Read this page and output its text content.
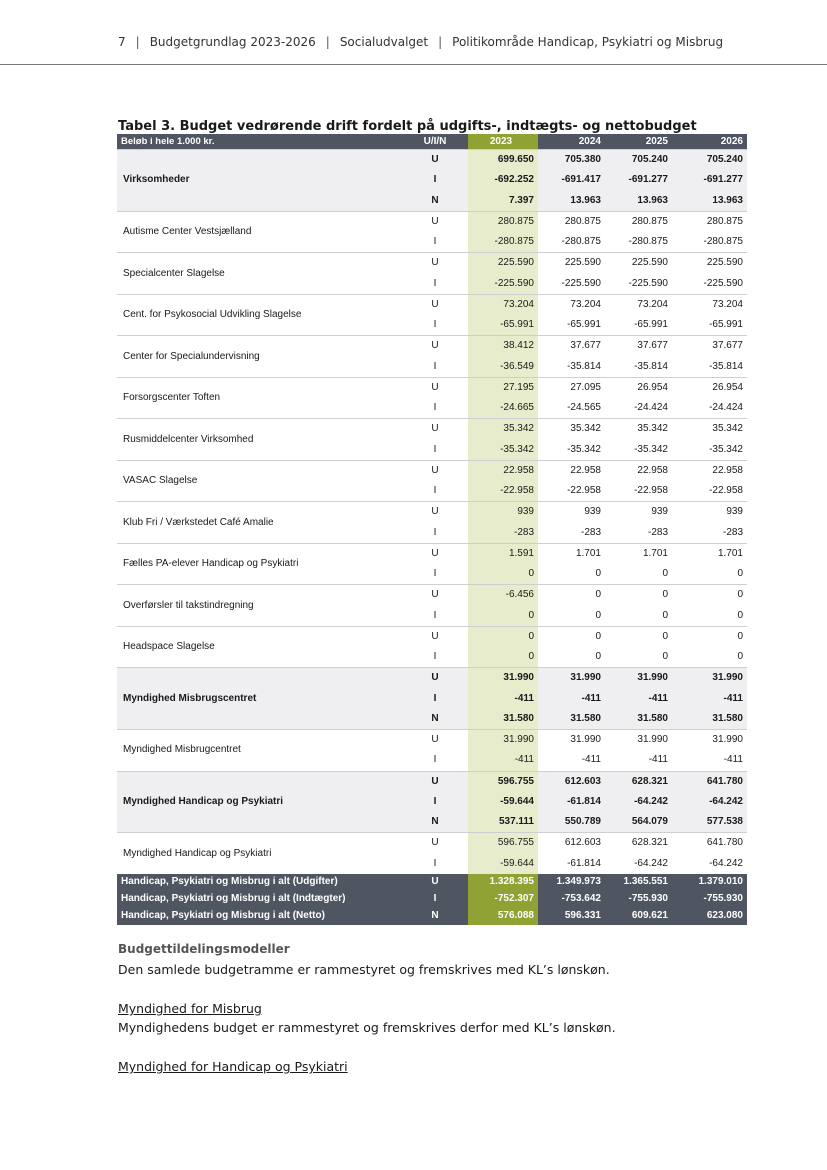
7 | Budgetgrundlag 2023-2026 | Socialudvalget | Politikområde Handicap, Psykiatri og Misbrug
Tabel 3. Budget vedrørende drift fordelt på udgifts-, indtægts- og nettobudget
Beløb i hele 1.000 kr.	U/I/N	2023	2024	2025	2026
Virksomheder	U	699.650	705.380	705.240	705.240
	I	-692.252	-691.417	-691.277	-691.277
	N	7.397	13.963	13.963	13.963
Autisme Center Vestsjælland	U	280.875	280.875	280.875	280.875
	I	-280.875	-280.875	-280.875	-280.875
Specialcenter Slagelse	U	225.590	225.590	225.590	225.590
	I	-225.590	-225.590	-225.590	-225.590
Cent. for Psykosocial Udvikling Slagelse	U	73.204	73.204	73.204	73.204
	I	-65.991	-65.991	-65.991	-65.991
Center for Specialundervisning	U	38.412	37.677	37.677	37.677
	I	-36.549	-35.814	-35.814	-35.814
Forsorgscenter Toften	U	27.195	27.095	26.954	26.954
	I	-24.665	-24.565	-24.424	-24.424
Rusmiddelcenter Virksomhed	U	35.342	35.342	35.342	35.342
	I	-35.342	-35.342	-35.342	-35.342
VASAC Slagelse	U	22.958	22.958	22.958	22.958
	I	-22.958	-22.958	-22.958	-22.958
Klub Fri / Værkstedet Café Amalie	U	939	939	939	939
	I	-283	-283	-283	-283
Fælles PA-elever Handicap og Psykiatri	U	1.591	1.701	1.701	1.701
	I	0	0	0	0
Overførsler til takstindregning	U	-6.456	0	0	0
	I	0	0	0	0
Headspace Slagelse	U	0	0	0	0
	I	0	0	0	0
Myndighed Misbrugscentret	U	31.990	31.990	31.990	31.990
	I	-411	-411	-411	-411
	N	31.580	31.580	31.580	31.580
Myndighed Misbrugcentret	U	31.990	31.990	31.990	31.990
	I	-411	-411	-411	-411
Myndighed Handicap og Psykiatri	U	596.755	612.603	628.321	641.780
	I	-59.644	-61.814	-64.242	-64.242
	N	537.111	550.789	564.079	577.538
Myndighed Handicap og Psykiatri	U	596.755	612.603	628.321	641.780
	I	-59.644	-61.814	-64.242	-64.242
Handicap, Psykiatri og Misbrug i alt (Udgifter)	U	1.328.395	1.349.973	1.365.551	1.379.010
Handicap, Psykiatri og Misbrug i alt (Indtægter)	I	-752.307	-753.642	-755.930	-755.930
Handicap, Psykiatri og Misbrug i alt (Netto)	N	576.088	596.331	609.621	623.080
Budgettildelingsmodeller
Den samlede budgetramme er rammestyret og fremskrives med KL’s lønskøn.
Myndighed for Misbrug
Myndighedens budget er rammestyret og fremskrives derfor med KL’s lønskøn.
Myndighed for Handicap og Psykiatri
